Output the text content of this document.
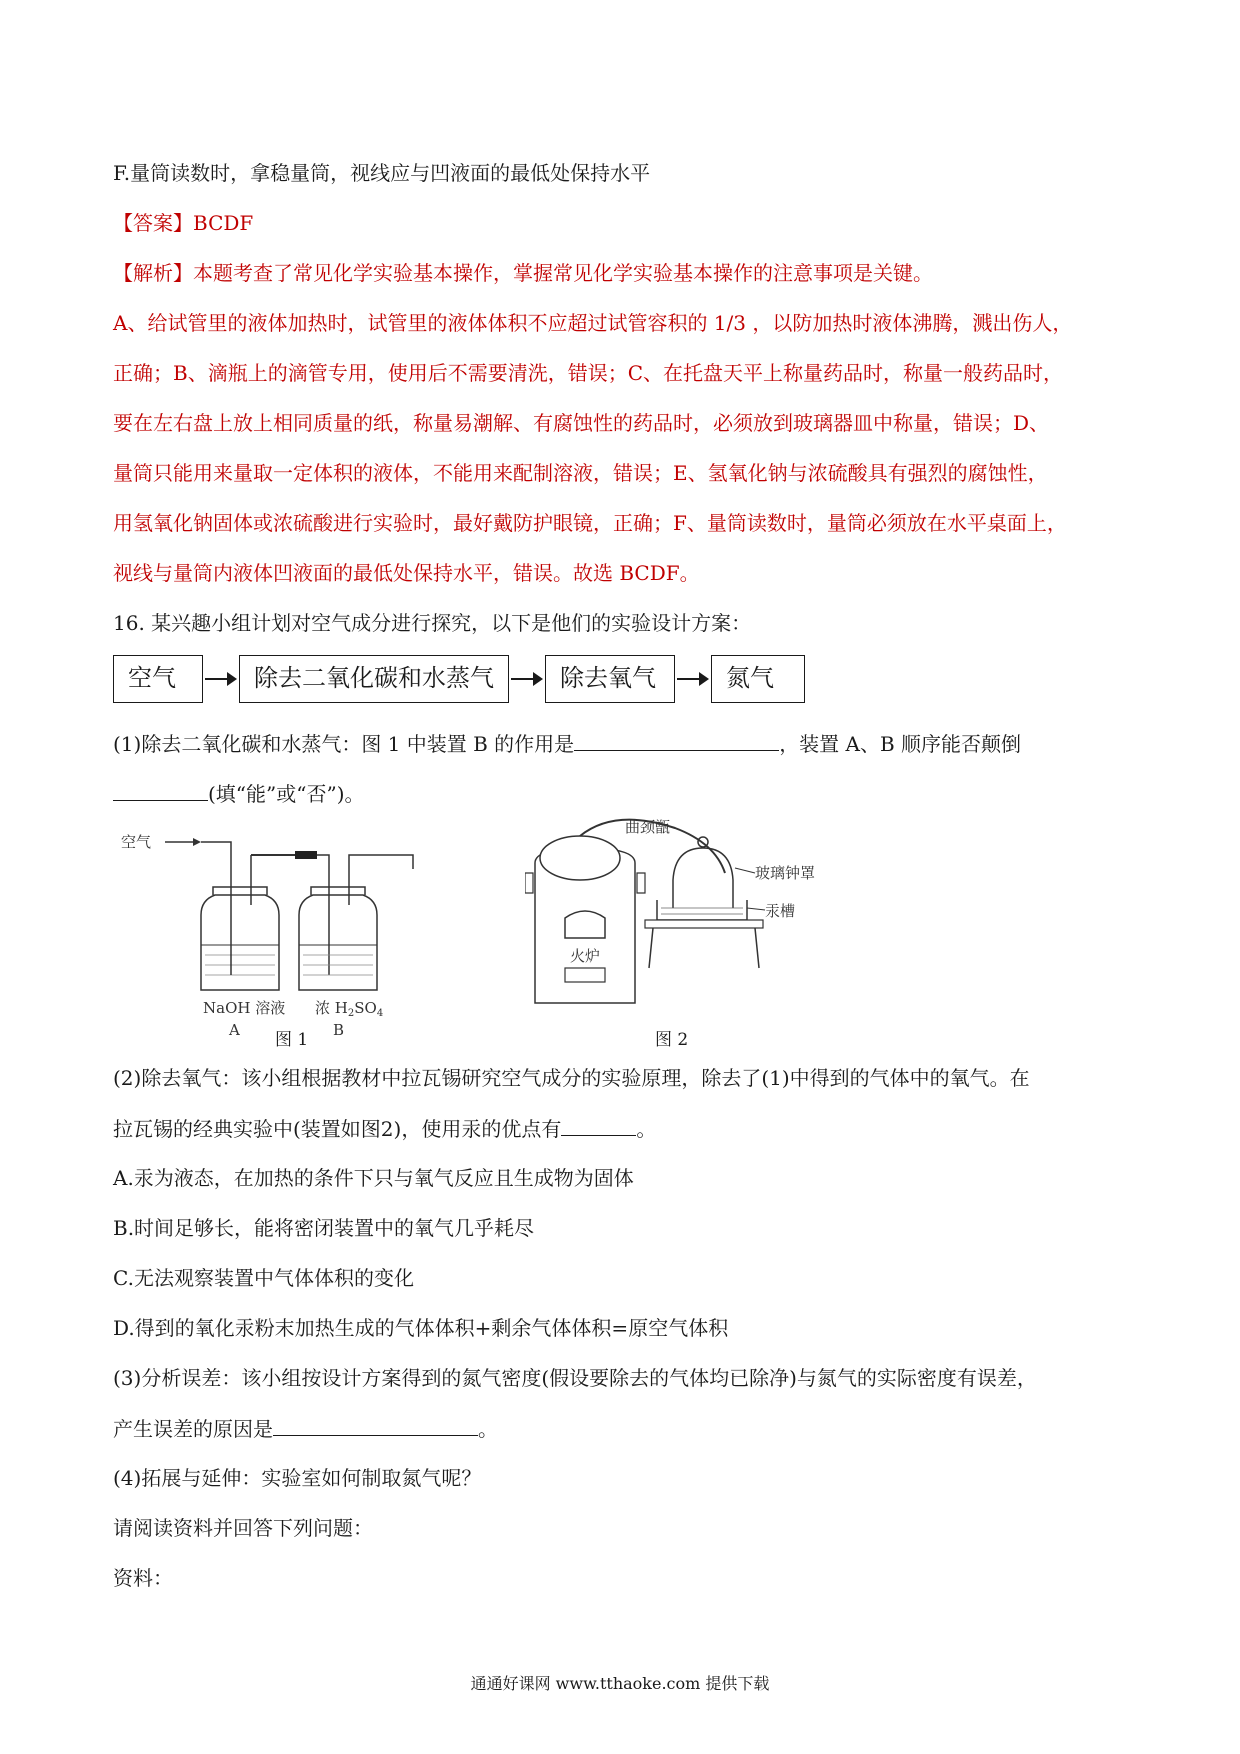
F.量筒读数时，拿稳量筒，视线应与凹液面的最低处保持水平
【答案】BCDF
【解析】本题考查了常见化学实验基本操作，掌握常见化学实验基本操作的注意事项是关键。
A、给试管里的液体加热时，试管里的液体体积不应超过试管容积的 1/3 ，以防加热时液体沸腾，溅出伤人，
正确；B、滴瓶上的滴管专用，使用后不需要清洗，错误；C、在托盘天平上称量药品时，称量一般药品时，
要在左右盘上放上相同质量的纸，称量易潮解、有腐蚀性的药品时，必须放到玻璃器皿中称量，错误；D、
量筒只能用来量取一定体积的液体，不能用来配制溶液，错误；E、氢氧化钠与浓硫酸具有强烈的腐蚀性，
用氢氧化钠固体或浓硫酸进行实验时，最好戴防护眼镜，正确；F、量筒读数时，量筒必须放在水平桌面上，
视线与量筒内液体凹液面的最低处保持水平，错误。故选 BCDF。
16. 某兴趣小组计划对空气成分进行探究，以下是他们的实验设计方案：
空气	除去二氧化碳和水蒸气	除去氧气	氮气
(1)除去二氧化碳和水蒸气：图 1 中装置 B 的作用是	，装置 A、B 顺序能否颠倒
(填“能”或“否”)。
空气
NaOH 溶液
A
浓 $H_2SO_4$
B
图 1
火炉
曲颈甑
玻璃钟罩
汞槽
图 2
(2)除去氧气：该小组根据教材中拉瓦锡研究空气成分的实验原理，除去了(1)中得到的气体中的氧气。在
拉瓦锡的经典实验中(装置如图2)，使用汞的优点有	。
A.汞为液态，在加热的条件下只与氧气反应且生成物为固体
B.时间足够长，能将密闭装置中的氧气几乎耗尽
C.无法观察装置中气体体积的变化
D.得到的氧化汞粉末加热生成的气体体积+剩余气体体积=原空气体积
(3)分析误差：该小组按设计方案得到的氮气密度(假设要除去的气体均已除净)与氮气的实际密度有误差，
产生误差的原因是	。
(4)拓展与延伸：实验室如何制取氮气呢？
请阅读资料并回答下列问题：
资料：
通通好课网 www.tthaoke.com 提供下载
